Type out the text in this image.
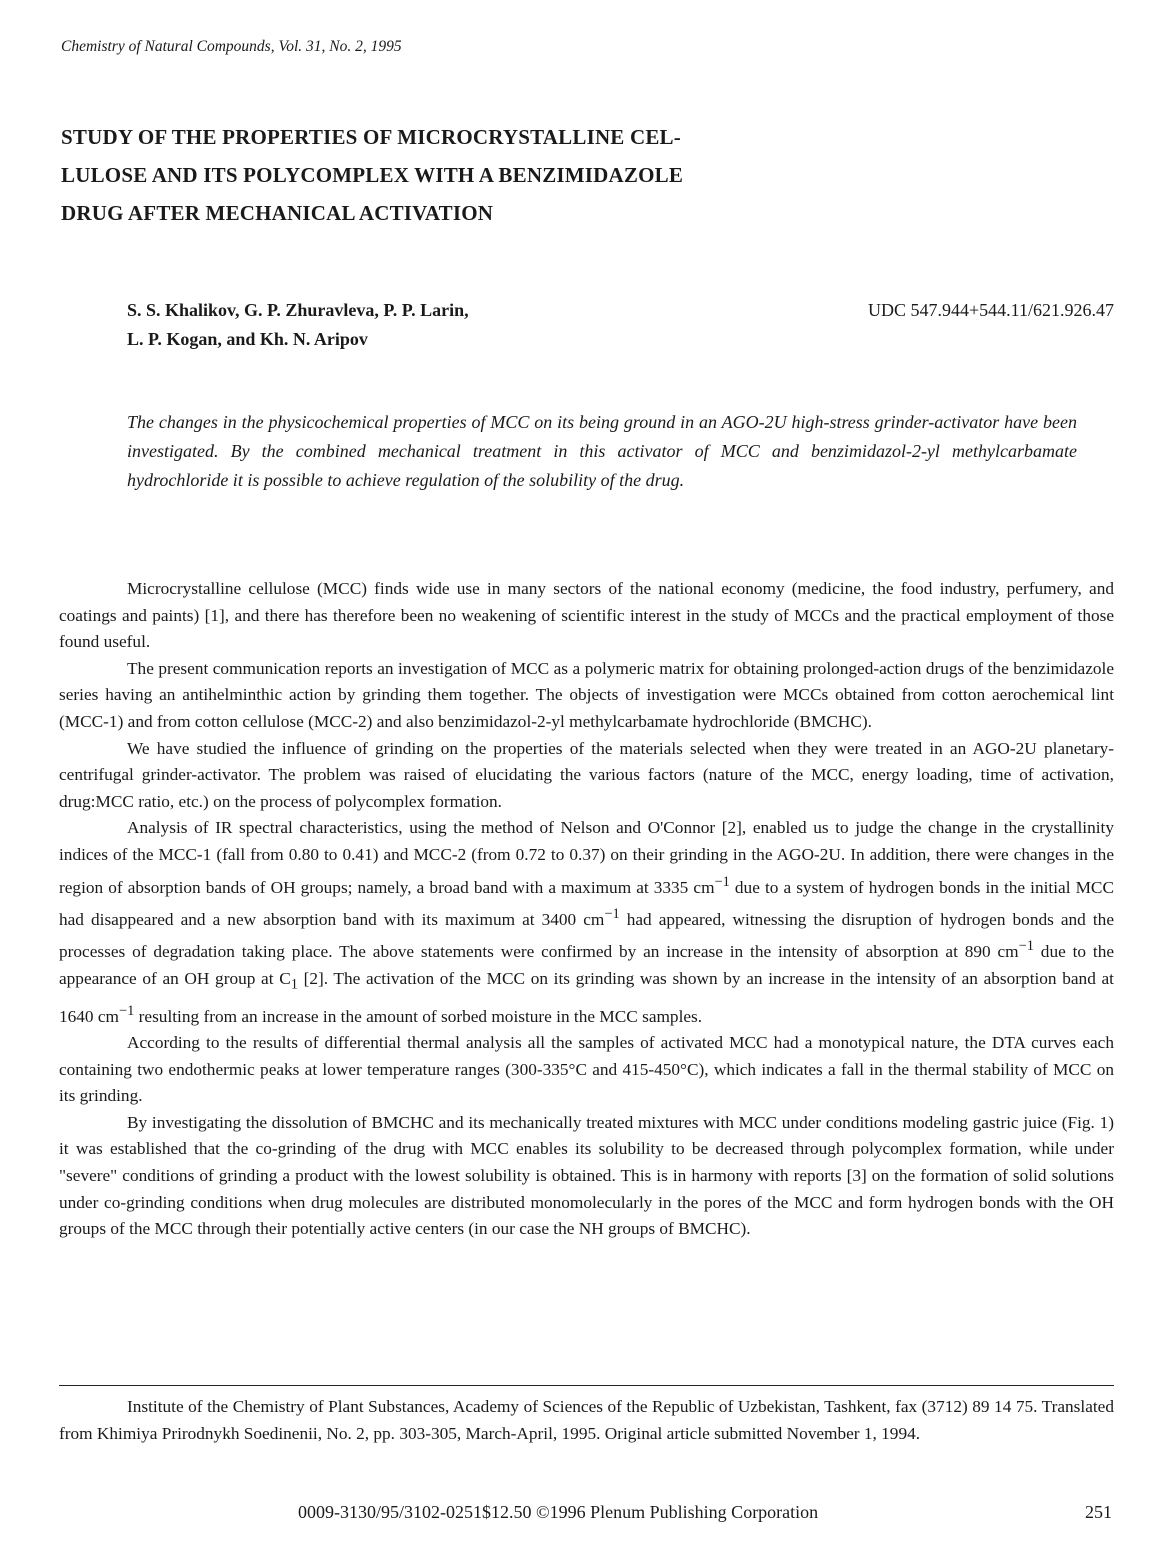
Chemistry of Natural Compounds, Vol. 31, No. 2, 1995
STUDY OF THE PROPERTIES OF MICROCRYSTALLINE CEL-
LULOSE AND ITS POLYCOMPLEX WITH A BENZIMIDAZOLE
DRUG AFTER MECHANICAL ACTIVATION
S. S. Khalikov, G. P. Zhuravleva, P. P. Larin,
L. P. Kogan, and Kh. N. Aripov
UDC 547.944+544.11/621.926.47
The changes in the physicochemical properties of MCC on its being ground in an AGO-2U high-stress grinder-activator have been investigated. By the combined mechanical treatment in this activator of MCC and benzimidazol-2-yl methylcarbamate hydrochloride it is possible to achieve regulation of the solubility of the drug.

Microcrystalline cellulose (MCC) finds wide use in many sectors of the national economy (medicine, the food industry, perfumery, and coatings and paints) [1], and there has therefore been no weakening of scientific interest in the study of MCCs and the practical employment of those found useful.

The present communication reports an investigation of MCC as a polymeric matrix for obtaining prolonged-action drugs of the benzimidazole series having an antihelminthic action by grinding them together. The objects of investigation were MCCs obtained from cotton aerochemical lint (MCC-1) and from cotton cellulose (MCC-2) and also benzimidazol-2-yl methylcarbamate hydrochloride (BMCHC).

We have studied the influence of grinding on the properties of the materials selected when they were treated in an AGO-2U planetary-centrifugal grinder-activator. The problem was raised of elucidating the various factors (nature of the MCC, energy loading, time of activation, drug:MCC ratio, etc.) on the process of polycomplex formation.

Analysis of IR spectral characteristics, using the method of Nelson and O'Connor [2], enabled us to judge the change in the crystallinity indices of the MCC-1 (fall from 0.80 to 0.41) and MCC-2 (from 0.72 to 0.37) on their grinding in the AGO-2U. In addition, there were changes in the region of absorption bands of OH groups; namely, a broad band with a maximum at 3335 $cm^{-1}$ due to a system of hydrogen bonds in the initial MCC had disappeared and a new absorption band with its maximum at 3400 $cm^{-1}$ had appeared, witnessing the disruption of hydrogen bonds and the processes of degradation taking place. The above statements were confirmed by an increase in the intensity of absorption at 890 $cm^{-1}$ due to the appearance of an OH group at $C_1$ [2]. The activation of the MCC on its grinding was shown by an increase in the intensity of an absorption band at 1640 $cm^{-1}$ resulting from an increase in the amount of sorbed moisture in the MCC samples.

According to the results of differential thermal analysis all the samples of activated MCC had a monotypical nature, the DTA curves each containing two endothermic peaks at lower temperature ranges (300-335°C and 415-450°C), which indicates a fall in the thermal stability of MCC on its grinding.

By investigating the dissolution of BMCHC and its mechanically treated mixtures with MCC under conditions modeling gastric juice (Fig. 1) it was established that the co-grinding of the drug with MCC enables its solubility to be decreased through polycomplex formation, while under "severe" conditions of grinding a product with the lowest solubility is obtained. This is in harmony with reports [3] on the formation of solid solutions under co-grinding conditions when drug molecules are distributed monomolecularly in the pores of the MCC and form hydrogen bonds with the OH groups of the MCC through their potentially active centers (in our case the NH groups of BMCHC).

Institute of the Chemistry of Plant Substances, Academy of Sciences of the Republic of Uzbekistan, Tashkent, fax (3712) 89 14 75. Translated from Khimiya Prirodnykh Soedinenii, No. 2, pp. 303-305, March-April, 1995. Original article submitted November 1, 1994.

0009-3130/95/3102-0251$12.50 ©1996 Plenum Publishing Corporation	251
